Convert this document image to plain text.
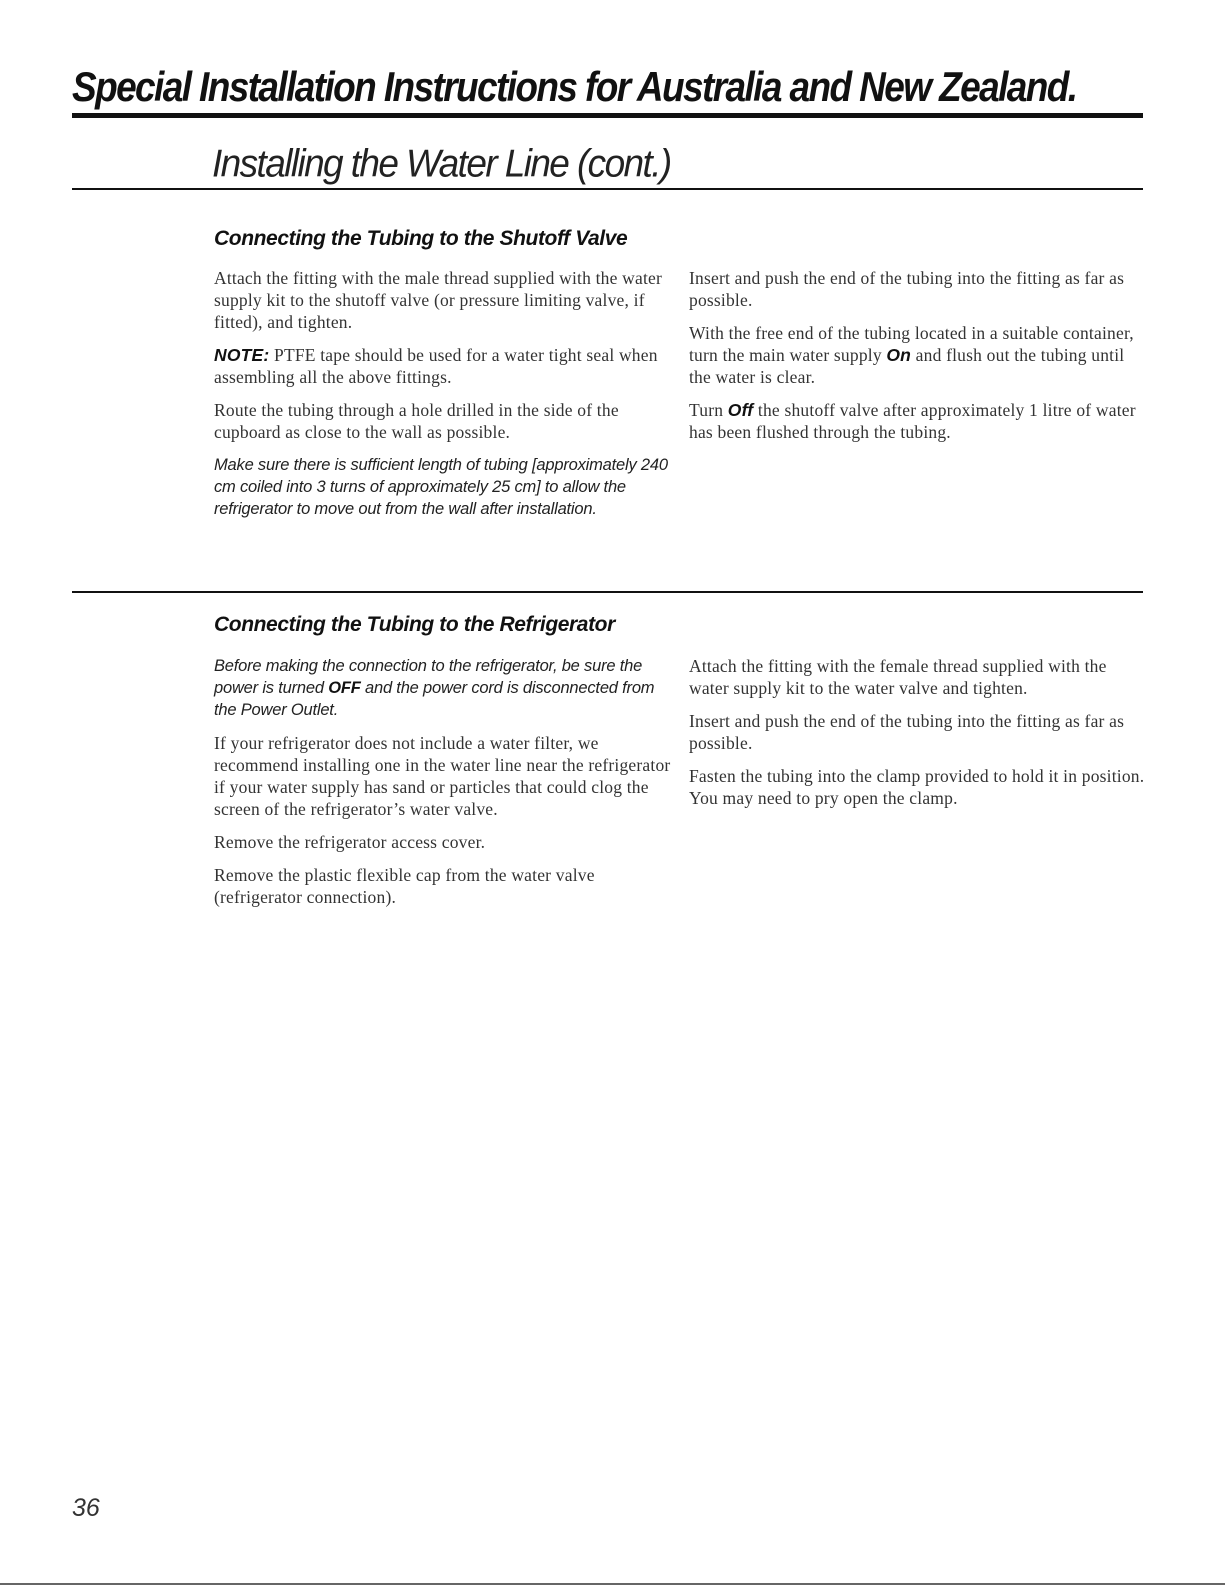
Special Installation Instructions for Australia and New Zealand.
Installing the Water Line (cont.)
Connecting the Tubing to the Shutoff Valve

Attach the fitting with the male thread supplied with the water supply kit to the shutoff valve (or pressure limiting valve, if fitted), and tighten.

NOTE: PTFE tape should be used for a water tight seal when assembling all the above fittings.

Route the tubing through a hole drilled in the side of the cupboard as close to the wall as possible.

Make sure there is sufficient length of tubing [approximately 240 cm coiled into 3 turns of approximately 25 cm] to allow the refrigerator to move out from the wall after installation.

Insert and push the end of the tubing into the fitting as far as possible.

With the free end of the tubing located in a suitable container, turn the main water supply On and flush out the tubing until the water is clear.

Turn Off the shutoff valve after approximately 1 litre of water has been flushed through the tubing.

Connecting the Tubing to the Refrigerator

Before making the connection to the refrigerator, be sure the power is turned OFF and the power cord is disconnected from the Power Outlet.

If your refrigerator does not include a water filter, we recommend installing one in the water line near the refrigerator if your water supply has sand or particles that could clog the screen of the refrigerator’s water valve.

Remove the refrigerator access cover.

Remove the plastic flexible cap from the water valve (refrigerator connection).

Attach the fitting with the female thread supplied with the water supply kit to the water valve and tighten.

Insert and push the end of the tubing into the fitting as far as possible.

Fasten the tubing into the clamp provided to hold it in position. You may need to pry open the clamp.

36
